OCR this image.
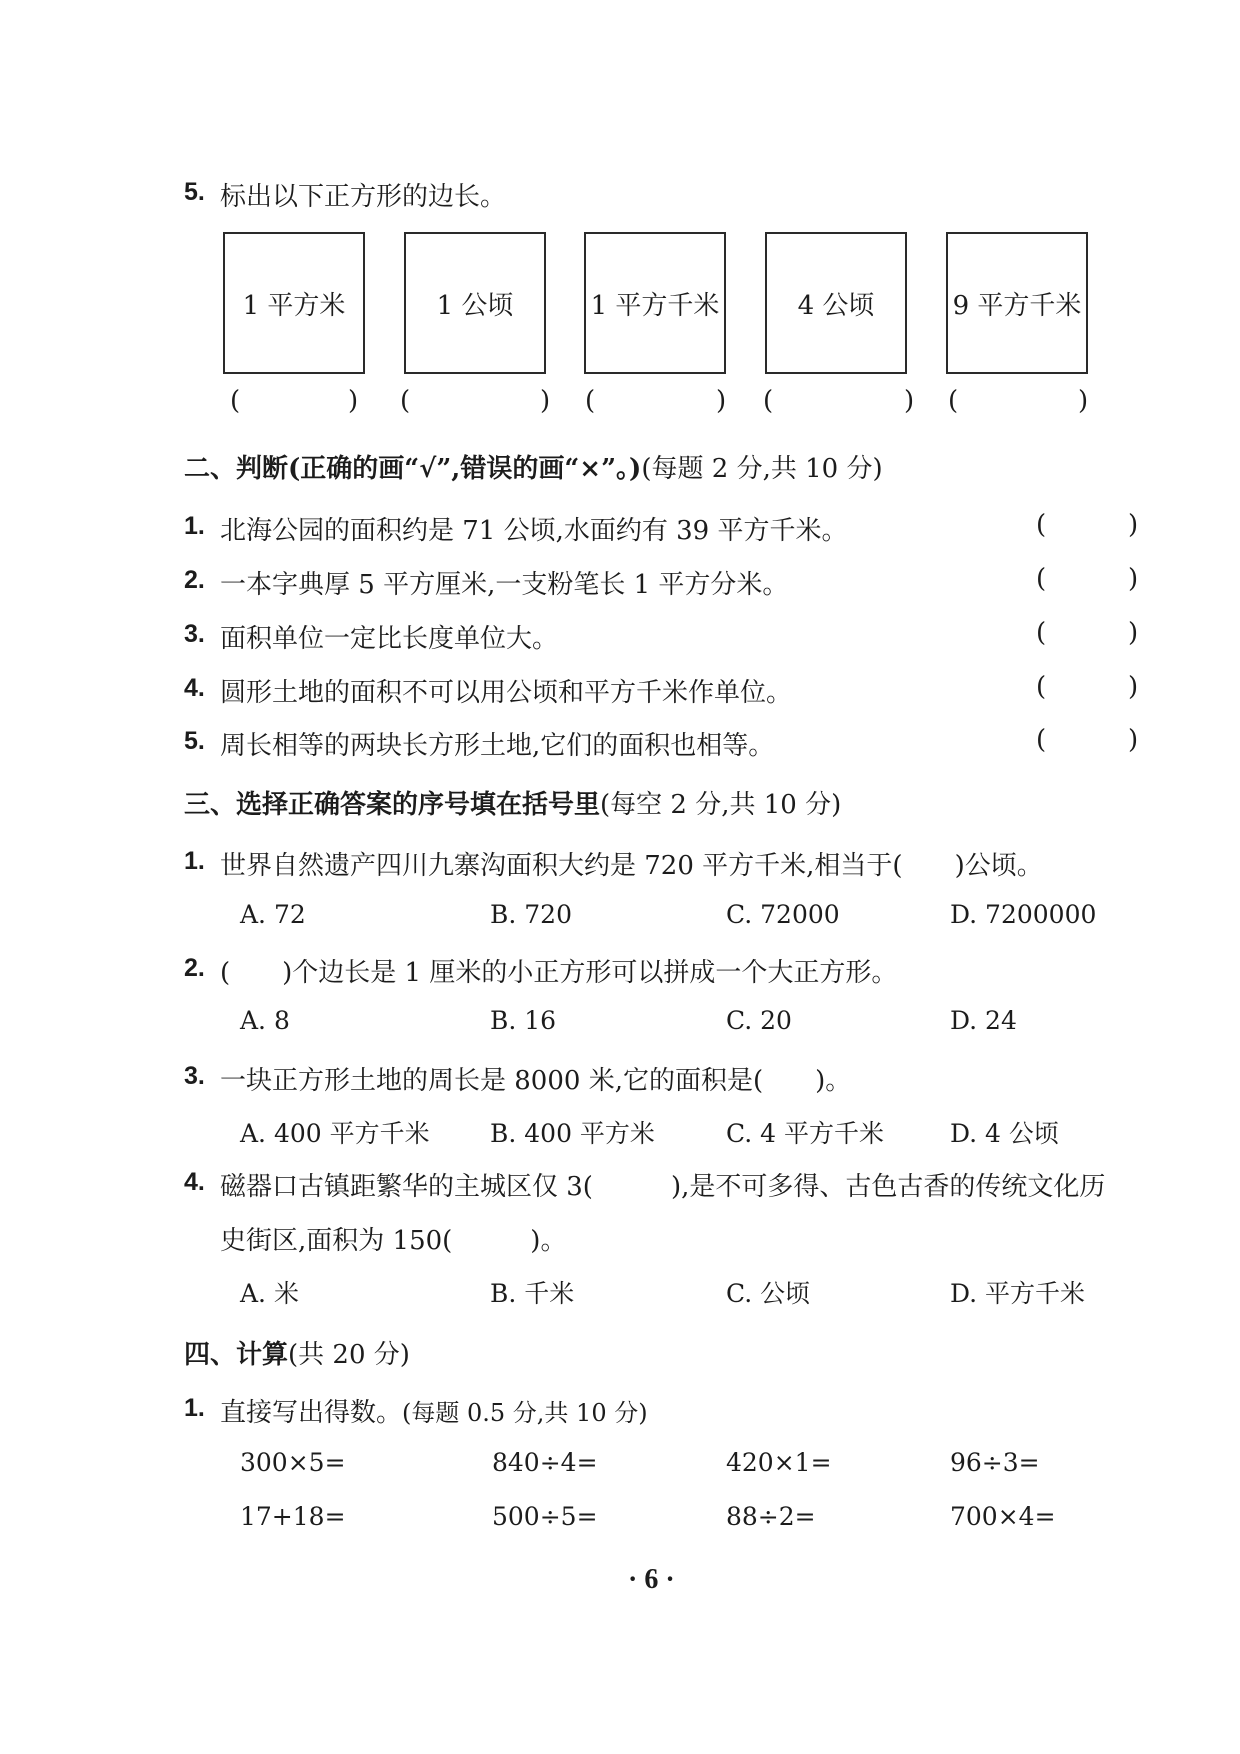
5. 标出以下正方形的边长。
1 平方米	1 公顷	1 平方千米	4 公顷	9 平方千米
(	) (	) (	) (	) (	)
二、判断(正确的画“√”,错误的画“×”。)(每题 2 分,共 10 分)
1. 北海公园的面积约是 71 公顷,水面约有 39 平方千米。	(	)
2. 一本字典厚 5 平方厘米,一支粉笔长 1 平方分米。	(	)
3. 面积单位一定比长度单位大。	(	)
4. 圆形土地的面积不可以用公顷和平方千米作单位。	(	)
5. 周长相等的两块长方形土地,它们的面积也相等。	(	)
三、选择正确答案的序号填在括号里(每空 2 分,共 10 分)
1. 世界自然遗产四川九寨沟面积大约是 720 平方千米,相当于(　　)公顷。
A. 72	B. 720	C. 72000	D. 7200000
2. (　　)个边长是 1 厘米的小正方形可以拼成一个大正方形。
A. 8	B. 16	C. 20	D. 24
3. 一块正方形土地的周长是 8000 米,它的面积是(　　)。
A. 400 平方千米 B. 400 平方米	C. 4 平方千米	D. 4 公顷
4. 磁器口古镇距繁华的主城区仅 3(　　　),是不可多得、古色古香的传统文化历
史街区,面积为 150(　　　)。
A. 米	B. 千米	C. 公顷	D. 平方千米
四、计算(共 20 分)
1. 直接写出得数。(每题 0.5 分,共 10 分)
300×5=	840÷4=	420×1=	96÷3=
17+18=	500÷5=	88÷2=	700×4=
· 6 ·
